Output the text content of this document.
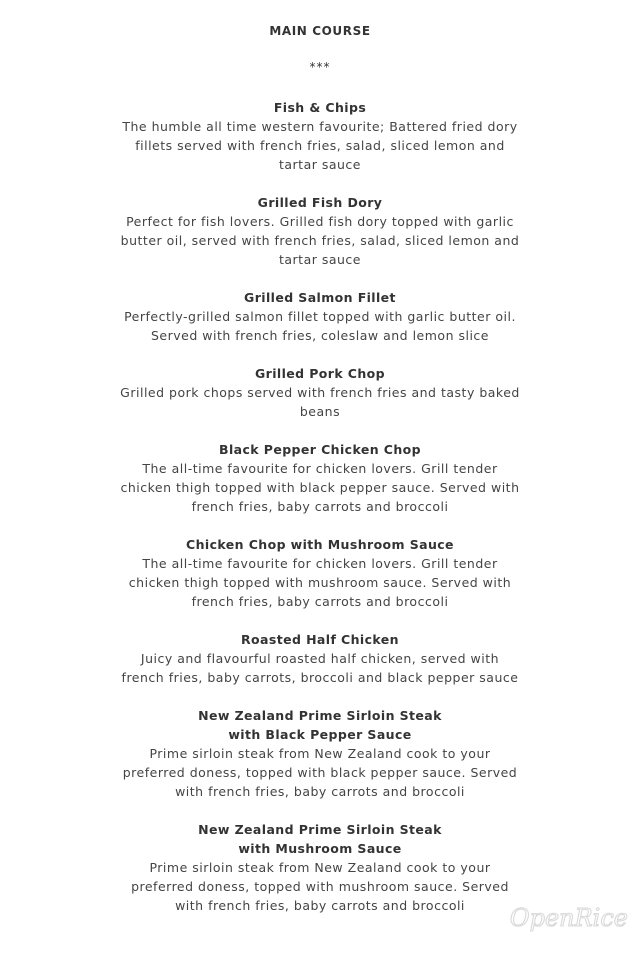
MAIN COURSE
***
Fish & Chips
The humble all time western favourite; Battered fried dory fillets served with french fries, salad, sliced lemon and tartar sauce
Grilled Fish Dory
Perfect for fish lovers. Grilled fish dory topped with garlic butter oil, served with french fries, salad, sliced lemon and tartar sauce
Grilled Salmon Fillet
Perfectly-grilled salmon fillet topped with garlic butter oil. Served with french fries, coleslaw and lemon slice
Grilled Pork Chop
Grilled pork chops served with french fries and tasty baked beans
Black Pepper Chicken Chop
The all-time favourite for chicken lovers. Grill tender chicken thigh topped with black pepper sauce. Served with french fries, baby carrots and broccoli
Chicken Chop with Mushroom Sauce
The all-time favourite for chicken lovers. Grill tender chicken thigh topped with mushroom sauce. Served with french fries, baby carrots and broccoli
Roasted Half Chicken
Juicy and flavourful roasted half chicken, served with french fries, baby carrots, broccoli and black pepper sauce
New Zealand Prime Sirloin Steak
with Black Pepper Sauce
Prime sirloin steak from New Zealand cook to your preferred doness, topped with black pepper sauce. Served with french fries, baby carrots and broccoli
New Zealand Prime Sirloin Steak
with Mushroom Sauce
Prime sirloin steak from New Zealand cook to your preferred doness, topped with mushroom sauce. Served with french fries, baby carrots and broccoli	OpenRice
